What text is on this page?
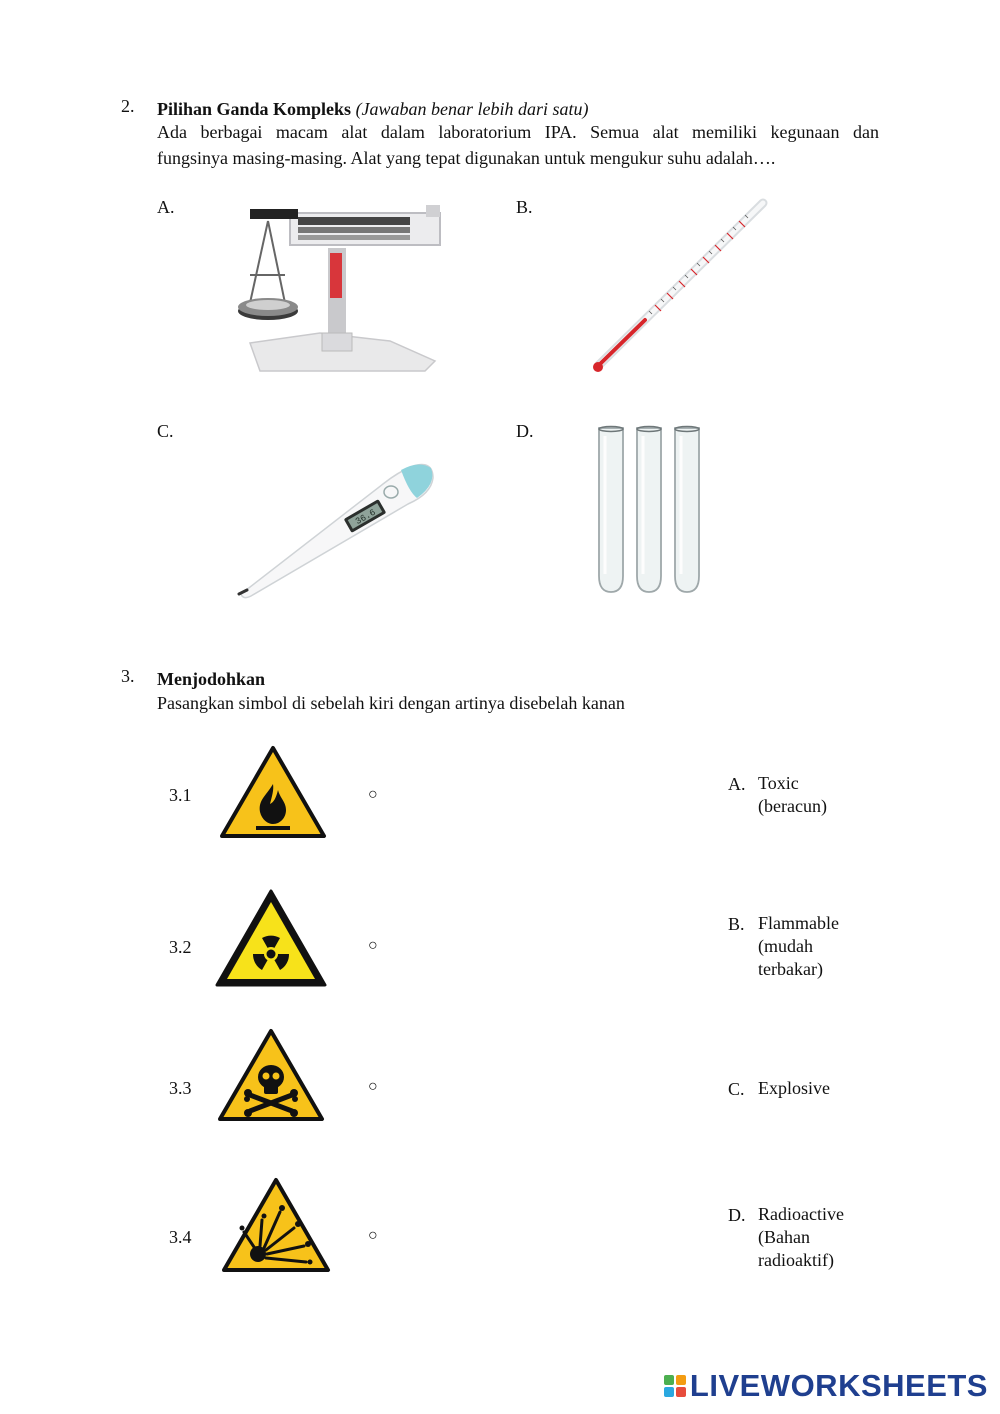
2. Pilihan Ganda Kompleks (Jawaban benar lebih dari satu)
Ada berbagai macam alat dalam laboratorium IPA. Semua alat memiliki kegunaan dan
fungsinya masing-masing. Alat yang tepat digunakan untuk mengukur suhu adalah….
A.	B.
C.
36.6
D.
3. Menjodohkan
Pasangkan simbol di sebelah kiri dengan artinya disebelah kanan
3.1	○
3.2	○
3.3	○
3.4	○
A. Toxic
(beracun)
B. Flammable
(mudah
terbakar)
C. Explosive
D. Radioactive
(Bahan
radioaktif)
LIVEWORKSHEETS
